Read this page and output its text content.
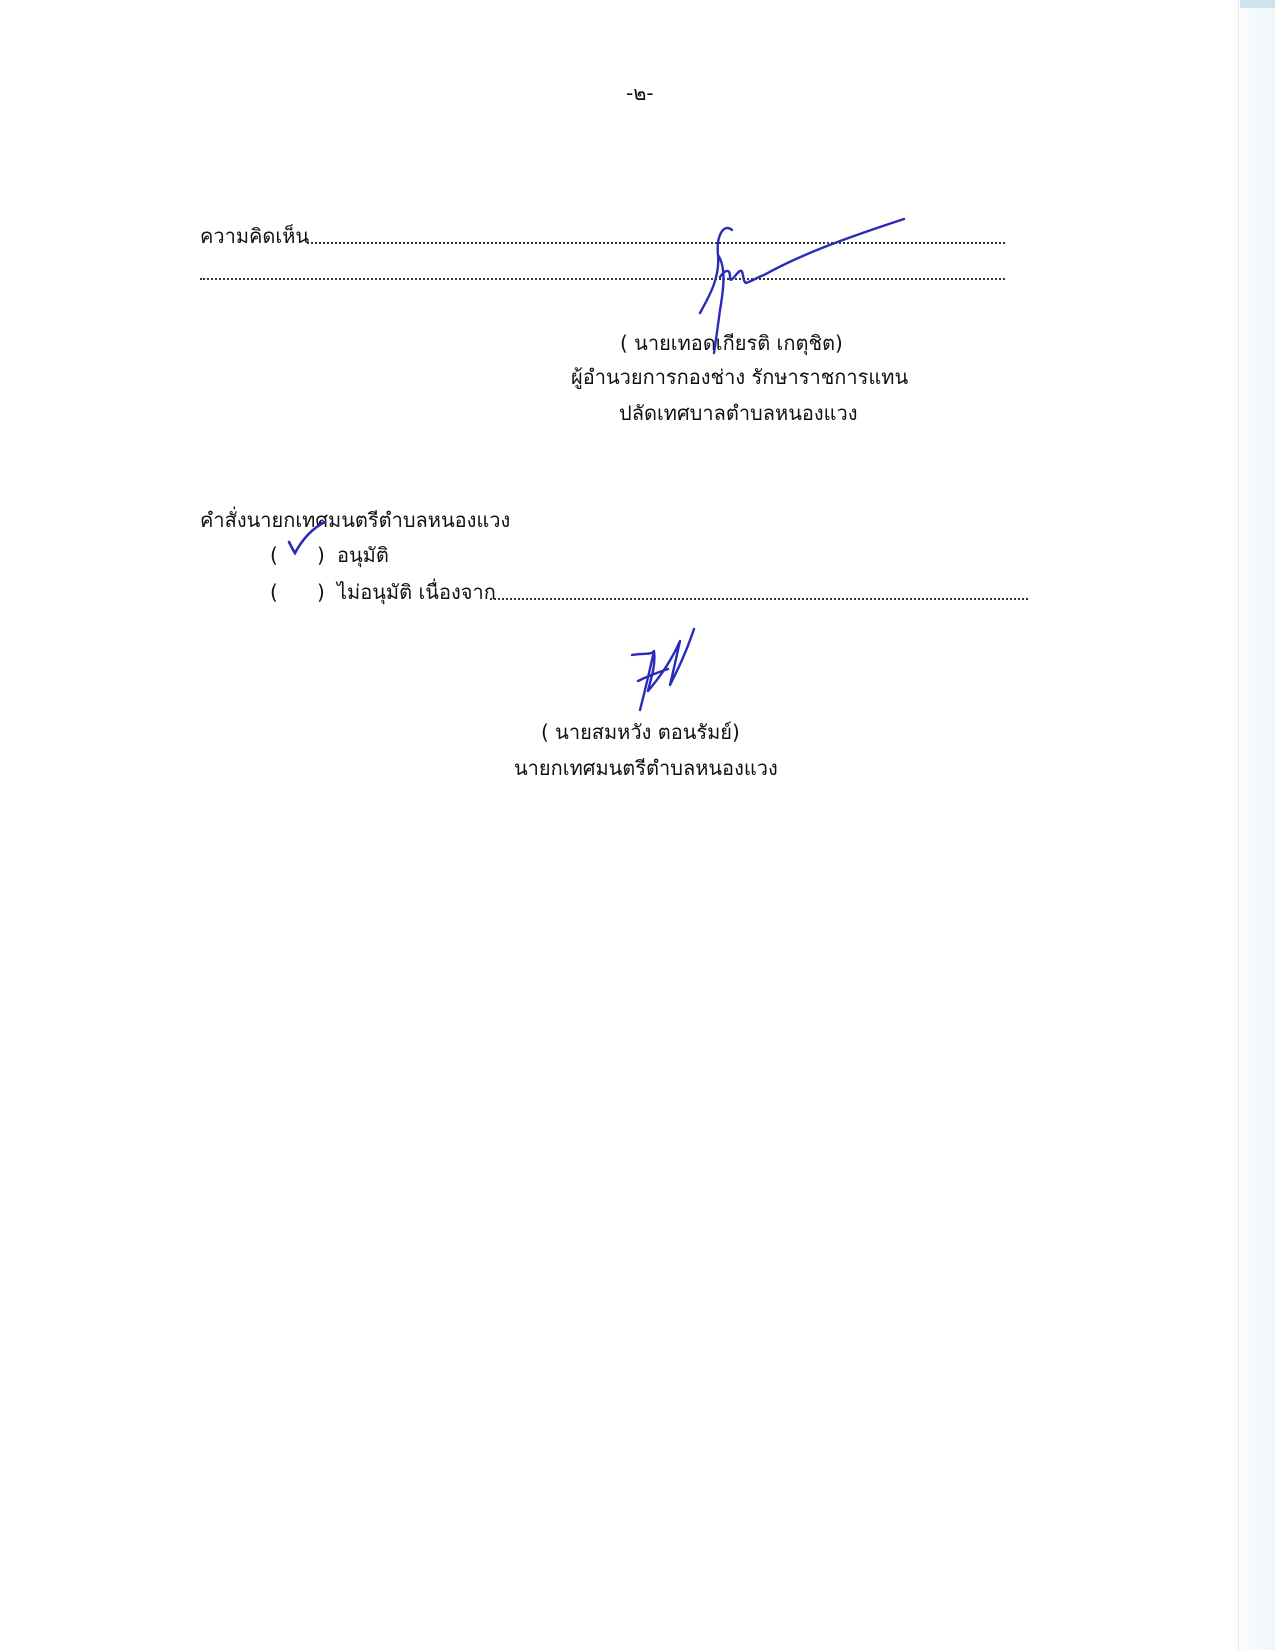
-๒-
ความคิดเห็น
( นายเทอดเกียรติ เกตุชิต)
ผู้อำนวยการกองช่าง รักษาราชการแทน
ปลัดเทศบาลตำบลหนองแวง
คำสั่งนายกเทศมนตรีตำบลหนองแวง
( ) อนุมัติ
( ) ไม่อนุมัติ เนื่องจาก
( นายสมหวัง ตอนรัมย์)
นายกเทศมนตรีตำบลหนองแวง
